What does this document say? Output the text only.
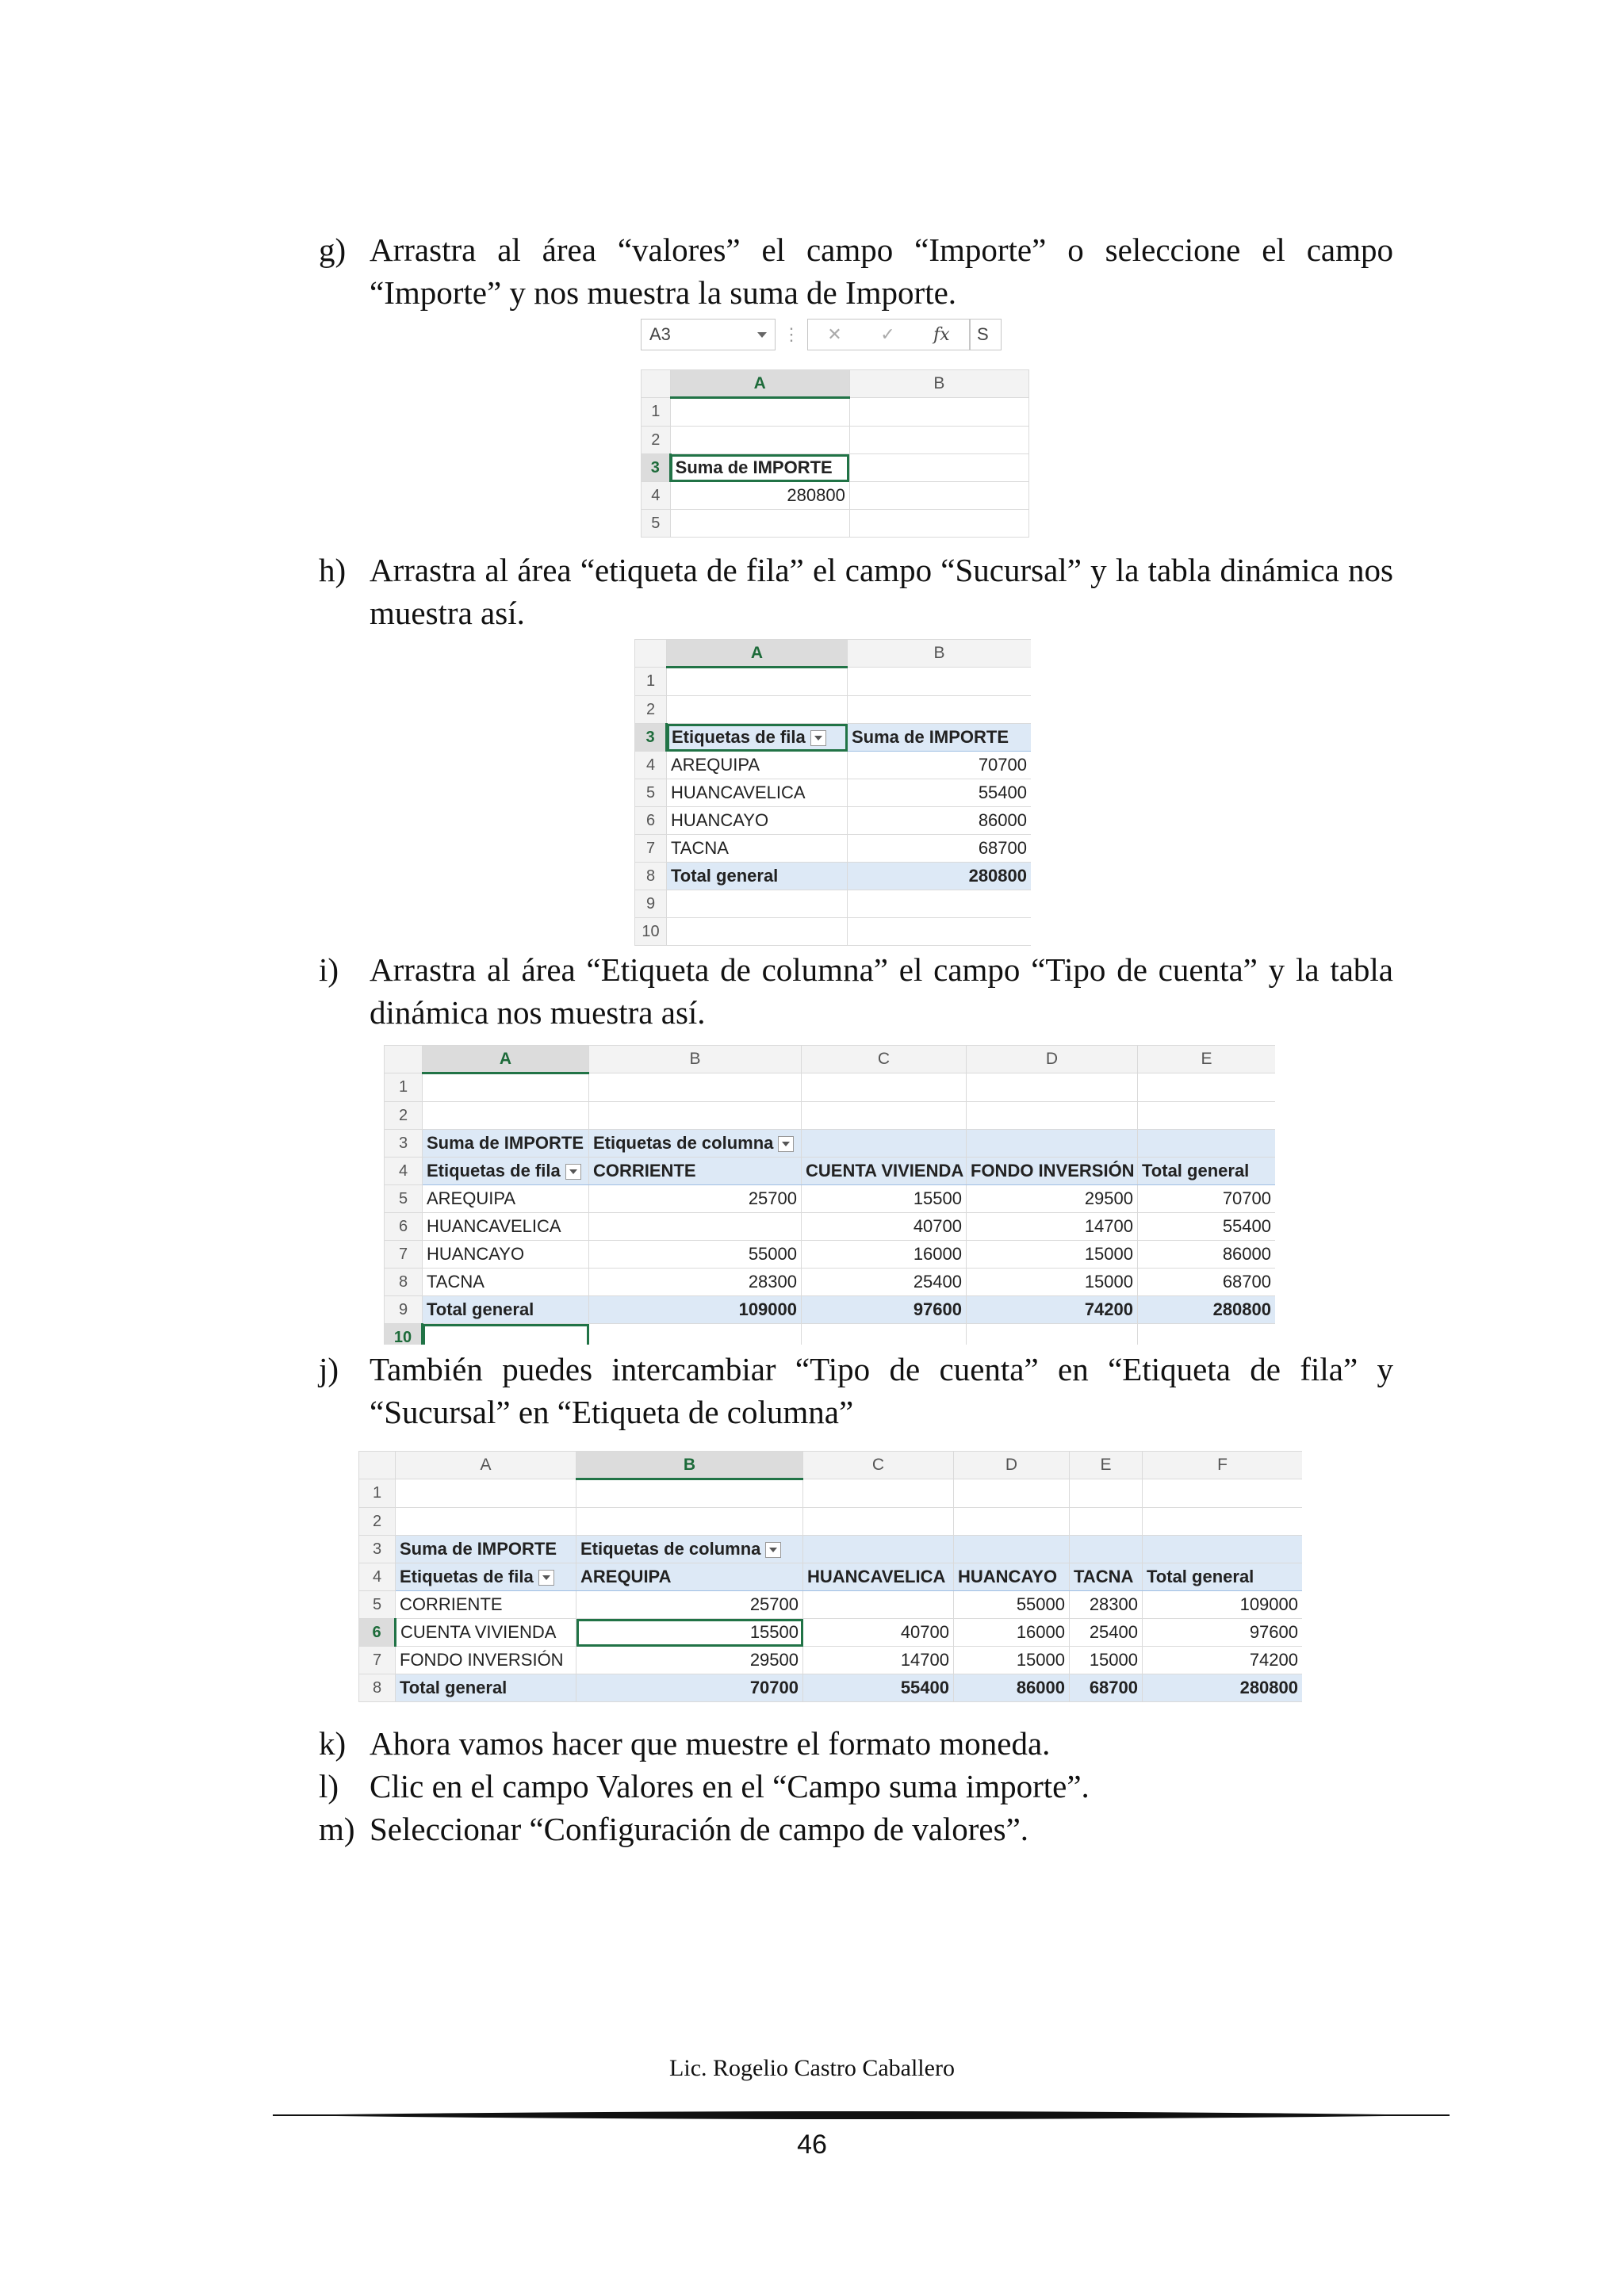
g) Arrastra al área “valores” el campo “Importe” o seleccione el campo “Importe” y nos muestra la suma de Importe.
A3	⋮	✕ ✓ fx	S
	A	B
1		
2		
3	Suma de IMPORTE	
4	280800	
5		
h) Arrastra al área “etiqueta de fila” el campo “Sucursal” y la tabla dinámica nos muestra así.
	A	B
1		
2		
3	Etiquetas de fila	Suma de IMPORTE
4	AREQUIPA	70700
5	HUANCAVELICA	55400
6	HUANCAYO	86000
7	TACNA	68700
8	Total general	280800
9		
10		
i) Arrastra al área “Etiqueta de columna” el campo “Tipo de cuenta” y la tabla dinámica nos muestra así.
	A	B	C	D	E
1					
2					
3	Suma de IMPORTE	Etiquetas de columna			
4	Etiquetas de fila	CORRIENTE	CUENTA VIVIENDA	FONDO INVERSIÓN	Total general
5	AREQUIPA	25700	15500	29500	70700
6	HUANCAVELICA		40700	14700	55400
7	HUANCAYO	55000	16000	15000	86000
8	TACNA	28300	25400	15000	68700
9	Total general	109000	97600	74200	280800
10					
j) También puedes intercambiar “Tipo de cuenta” en “Etiqueta de fila” y “Sucursal” en “Etiqueta de columna”
	A	B	C	D	E	F
1						
2						
3	Suma de IMPORTE	Etiquetas de columna				
4	Etiquetas de fila	AREQUIPA	HUANCAVELICA	HUANCAYO	TACNA	Total general
5	CORRIENTE	25700		55000	28300	109000
6	CUENTA VIVIENDA	15500	40700	16000	25400	97600
7	FONDO INVERSIÓN	29500	14700	15000	15000	74200
8	Total general	70700	55400	86000	68700	280800
k) Ahora vamos hacer que muestre el formato moneda.
l) Clic en el campo Valores en el “Campo suma importe”.
m) Seleccionar “Configuración de campo de valores”.
Lic. Rogelio Castro Caballero
46
